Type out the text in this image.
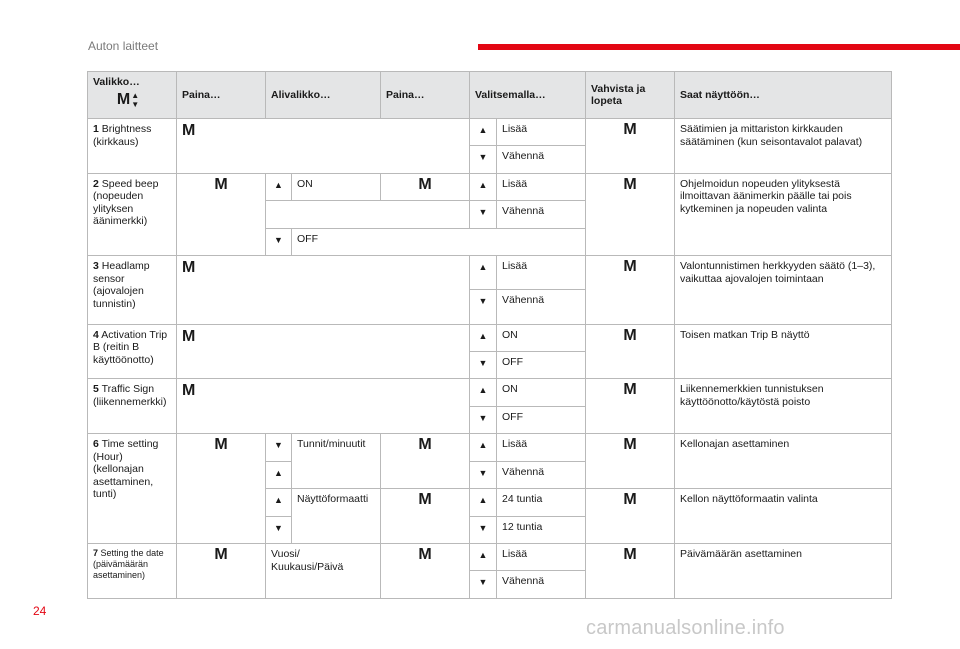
Auton laitteet
Valikko…
M ▲
▼	Paina…	Alivalikko…		Paina…	Valitsemalla…		Vahvista ja lopeta	Saat näyttöön…
1 Brightness (kirkkaus)	M				▲	Lisää	M	Säätimien ja mittariston kirkkauden säätäminen (kun seisontavalot palavat)
					▼	Vähennä		
2 Speed beep (nopeuden ylityksen äänimerkki)	M	▲	ON	M	▲	Lisää	M	Ohjelmoidun nopeuden ylityksestä ilmoittavan äänimerkin päälle tai pois kytkeminen ja nopeuden valinta
					▼	Vähennä		
		▼	OFF					
3 Headlamp sensor (ajovalojen tunnistin)	M				▲	Lisää	M	Valontunnistimen herkkyyden säätö (1–3), vaikuttaa ajovalojen toimintaan
					▼	Vähennä		
4 Activation Trip B (reitin B käyttöönotto)	M				▲	ON	M	Toisen matkan Trip B näyttö
					▼	OFF		
5 Traffic Sign (liikennemerkki)	M				▲	ON	M	Liikennemerkkien tunnistuksen käyttöönotto/käytöstä poisto
					▼	OFF		
6 Time setting (Hour) (kellonajan asettaminen, tunti)	M	▼	Tunnit/minuutit	M	▲	Lisää	M	Kellonajan asettaminen
		▲			▼	Vähennä		
		▲	Näyttöformaatti	M	▲	24 tuntia	M	Kellon näyttöformaatin valinta
		▼			▼	12 tuntia		
7 Setting the date (päivämäärän asettaminen)	M	Vuosi/ Kuukausi/Päivä		M	▲	Lisää	M	Päivämäärän asettaminen
					▼	Vähennä		
24
carmanualsonline.info
